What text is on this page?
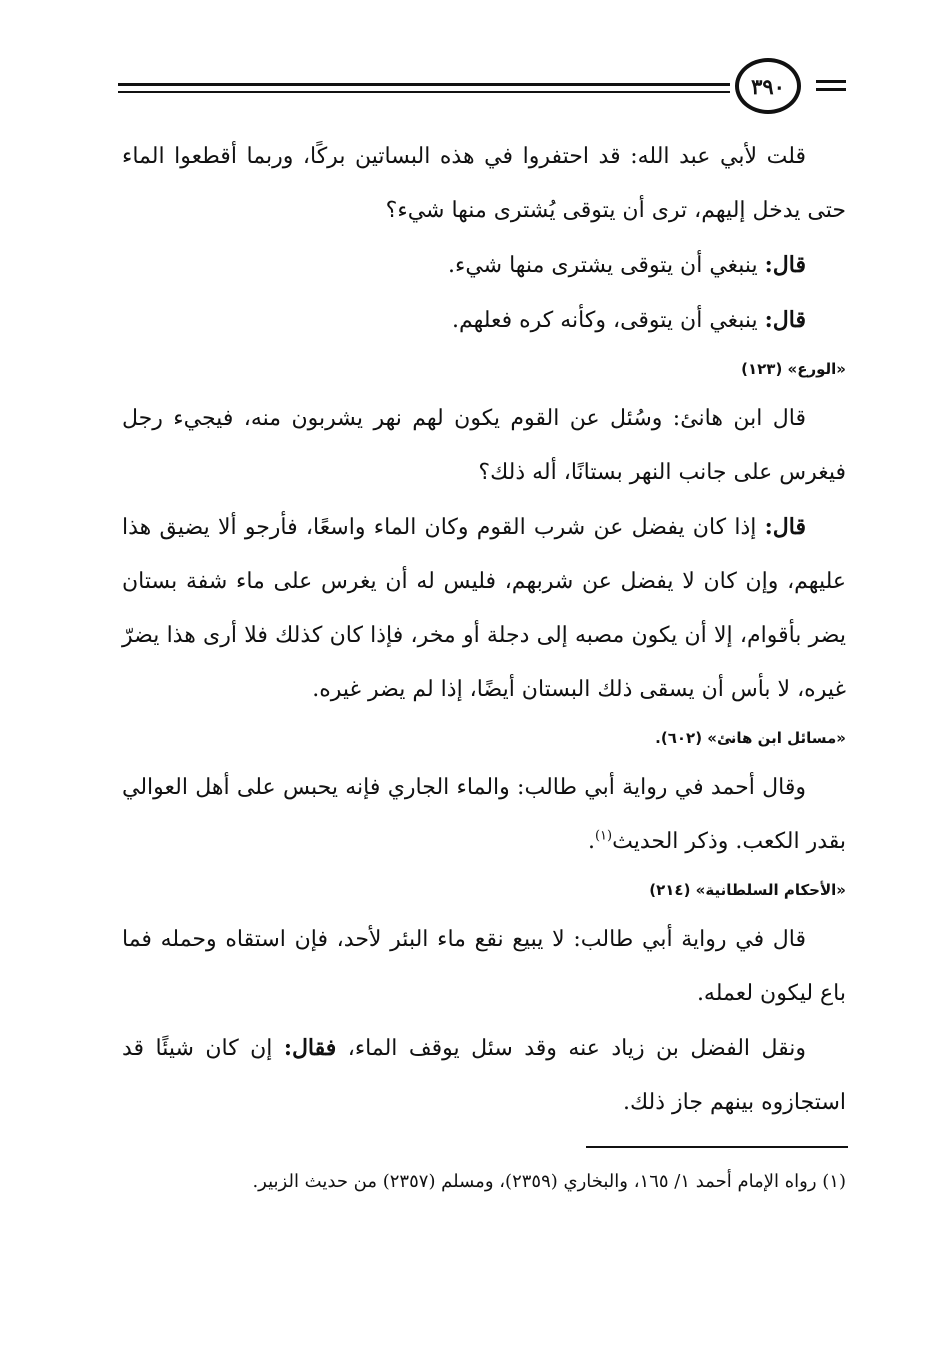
٣٩٠

قلت لأبي عبد الله: قد احتفروا في هذه البساتين بركًا، وربما أقطعوا الماء حتى يدخل إليهم، ترى أن يتوقى يُشترى منها شيء؟

قال: ينبغي أن يتوقى يشترى منها شيء.

قال: ينبغي أن يتوقى، وكأنه كره فعلهم.

«الورع» (١٢٣)

قال ابن هانئ: وسُئل عن القوم يكون لهم نهر يشربون منه، فيجيء رجل فيغرس على جانب النهر بستانًا، أله ذلك؟

قال: إذا كان يفضل عن شرب القوم وكان الماء واسعًا، فأرجو ألا يضيق هذا عليهم، وإن كان لا يفضل عن شربهم، فليس له أن يغرس على ماء شفة بستان يضر بأقوام، إلا أن يكون مصبه إلى دجلة أو مخر، فإذا كان كذلك فلا أرى هذا يضرّ غيره، لا بأس أن يسقى ذلك البستان أيضًا، إذا لم يضر غيره.

«مسائل ابن هانئ» (٦٠٢).

وقال أحمد في رواية أبي طالب: والماء الجاري فإنه يحبس على أهل العوالي بقدر الكعب. وذكر الحديث$^{(١)}$.

«الأحكام السلطانية» (٢١٤)

قال في رواية أبي طالب: لا يبيع نقع ماء البئر لأحد، فإن استقاه وحمله فما باع ليكون لعمله.

ونقل الفضل بن زياد عنه وقد سئل يوقف الماء، فقال: إن كان شيئًا قد استجازوه بينهم جاز ذلك.

(١) رواه الإمام أحمد ١/ ١٦٥، والبخاري (٢٣٥٩)، ومسلم (٢٣٥٧) من حديث الزبير.
